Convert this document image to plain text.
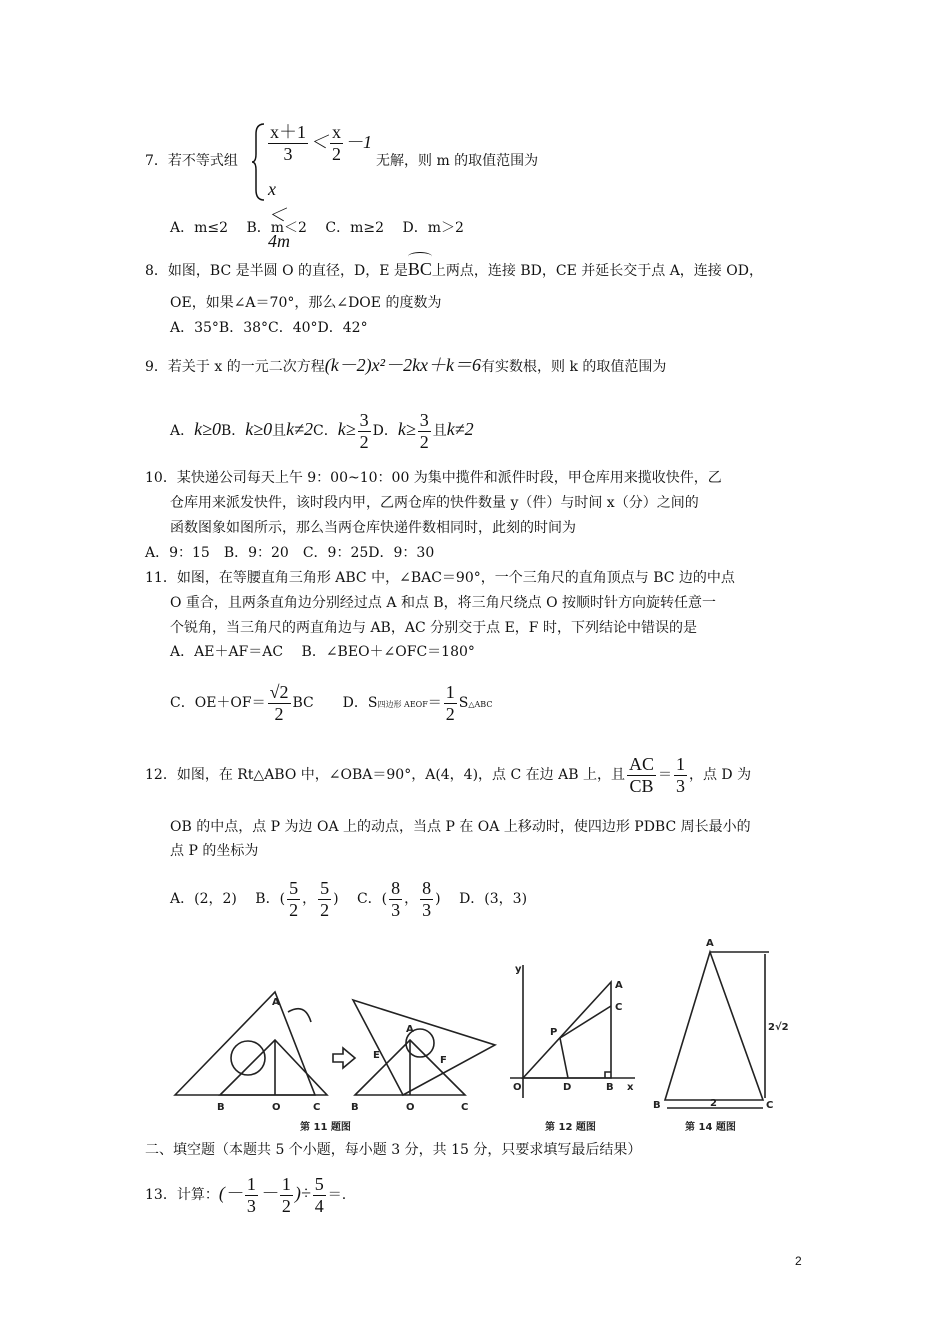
7．若不等式组 $\frac{x+1}{3} < \frac{x}{2} -1$
x＜4m
无解，则 m 的取值范围为
A．m≤2　 B．m＜2　 C．m≥2　 D．m＞2
8．如图，BC 是半圆 O 的直径，D，E 是BC上两点，连接 BD，CE 并延长交于点 A，连接 OD，
OE，如果∠A＝70°，那么∠DOE 的度数为
A．35°B．38°C．40°D．42°
9．若关于 x 的一元二次方程(k－2)x²－2kx＋k＝6有实数根，则 k 的取值范围为
A．k≥0B．k≥0且k≠2C．$k\ge \frac{3}{2}$ D．$k\ge \frac{3}{2}$ 且k≠2
10．某快递公司每天上午 9：00~10：00 为集中揽件和派件时段，甲仓库用来揽收快件，乙
仓库用来派发快件，该时段内甲，乙两仓库的快件数量 y（件）与时间 x（分）之间的
函数图象如图所示，那么当两仓库快递件数相同时，此刻的时间为
A．9：15　B．9：20　C．9：25D．9：30
11．如图，在等腰直角三角形 ABC 中，∠BAC＝90°，一个三角尺的直角顶点与 BC 边的中点
O 重合，且两条直角边分别经过点 A 和点 B，将三角尺绕点 O 按顺时针方向旋转任意一
个锐角，当三角尺的两直角边与 AB，AC 分别交于点 E，F 时，下列结论中错误的是
A．AE＋AF＝AC　 B．∠BEO＋∠OFC＝180°
C．$OE+OF= \frac{√2}{2}$ BC D．S四边形 AEOF＝ $\frac{1}{2}$ S△ABC
12．如图，在 Rt△ABO 中，∠OBA＝90°，A(4，4)，点 C 在边 AB 上，且 $\frac{AC}{CB} = \frac{1}{3}$ ，点 D 为
OB 的中点，点 P 为边 OA 上的动点，当点 P 在 OA 上移动时，使四边形 PDBC 周长最小的
点 P 的坐标为
A．(2，2)　 B．( $\frac{5}{2}$ ， $\frac{5}{2}$ )　 C．( $\frac{8}{3}$ ， $\frac{8}{3}$ )　 D．(3，3)
A
B	O	C
A
E	F
B	O	C
y
A
C
P
O	D	B x
A
B	C
2√2
2
第 11 题图	第 12 题图	第 14 题图
二、填空题（本题共 5 个小题，每小题 3 分，共 15 分，只要求填写最后结果）
13．计算：(－ $\frac{1}{3} - \frac{1}{2}$ )÷ $\frac{5}{4}$ ＝.
2
